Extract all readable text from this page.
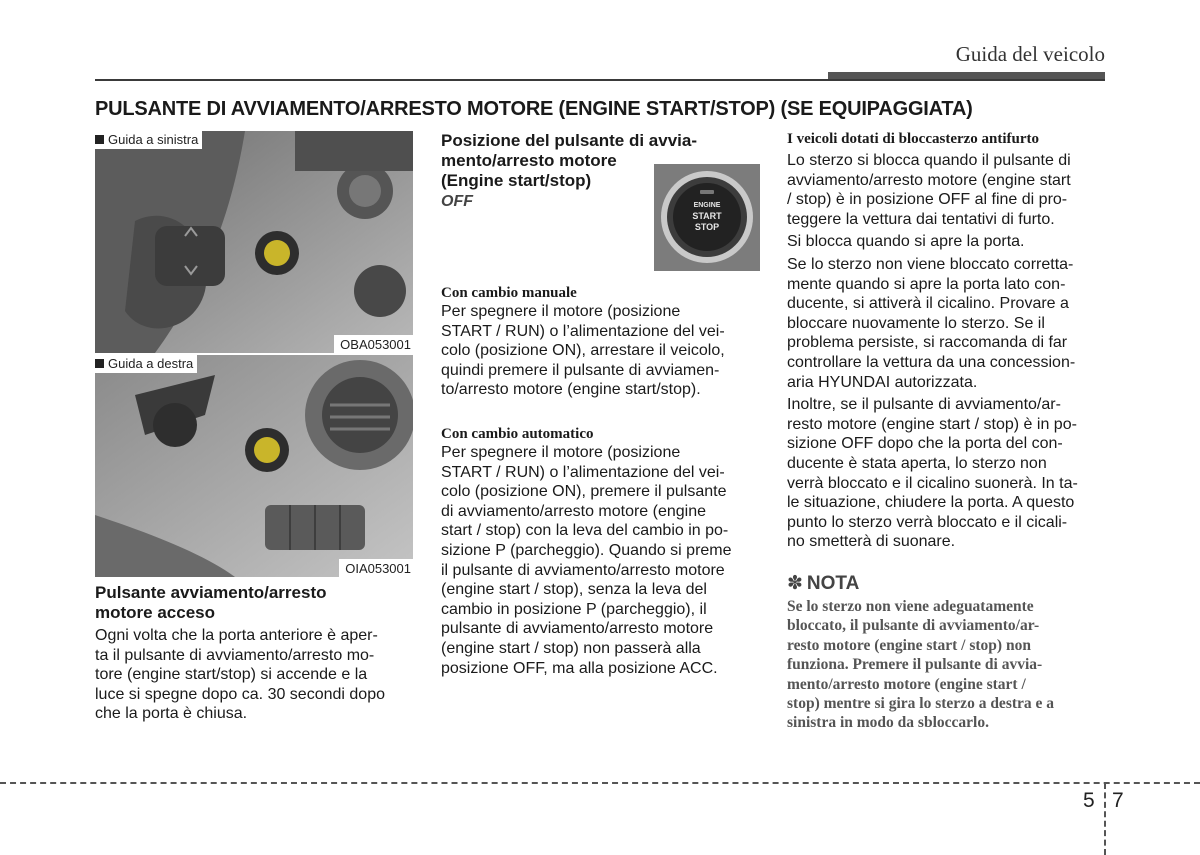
Guida del veicolo
PULSANTE DI AVVIAMENTO/ARRESTO MOTORE (ENGINE START/STOP) (SE EQUIPAGGIATA)
Guida a sinistra
OBA053001
Guida a destra
OIA053001
Pulsante avviamento/arresto
motore acceso

Ogni volta che la porta anteriore è aper-

ta il pulsante di avviamento/arresto mo-

tore (engine start/stop) si accende e la

luce si spegne dopo ca. 30 secondi dopo

che la porta è chiusa.

ENGINE
START
STOP
Posizione del pulsante di avvia-
mento/arresto motore
(Engine start/stop)
OFF
Con cambio manuale

Per spegnere il motore (posizione

START / RUN) o l’alimentazione del vei-

colo (posizione ON), arrestare il veicolo,

quindi premere il pulsante di avviamen-

to/arresto motore (engine start/stop).

Con cambio automatico

Per spegnere il motore (posizione

START / RUN) o l’alimentazione del vei-

colo (posizione ON), premere il pulsante

di avviamento/arresto motore (engine

start / stop) con la leva del cambio in po-

sizione P (parcheggio). Quando si preme

il pulsante di avviamento/arresto motore

(engine start / stop), senza la leva del

cambio in posizione P (parcheggio), il

pulsante di avviamento/arresto motore

(engine start / stop) non passerà alla

posizione OFF, ma alla posizione ACC.

I veicoli dotati di bloccasterzo antifurto

Lo sterzo si blocca quando il pulsante di

avviamento/arresto motore (engine start

/ stop) è in posizione OFF al fine di pro-

teggere la vettura dai tentativi di furto.

Si blocca quando si apre la porta.

Se lo sterzo non viene bloccato corretta-

mente quando si apre la porta lato con-

ducente, si attiverà il cicalino. Provare a

bloccare nuovamente lo sterzo. Se il

problema persiste, si raccomanda di far

controllare la vettura da una concession-

aria HYUNDAI autorizzata.

Inoltre, se il pulsante di avviamento/ar-

resto motore (engine start / stop) è in po-

sizione OFF dopo che la porta del con-

ducente è stata aperta, lo sterzo non

verrà bloccato e il cicalino suonerà. In ta-

le situazione, chiudere la porta. A questo

punto lo sterzo verrà bloccato e il cicali-

no smetterà di suonare.

✽ NOTA

Se lo sterzo non viene adeguatamente

bloccato, il pulsante di avviamento/ar-

resto motore (engine start / stop) non

funziona. Premere il pulsante di avvia-

mento/arresto motore (engine start /

stop) mentre si gira lo sterzo a destra e a

sinistra in modo da sbloccarlo.

5 7
